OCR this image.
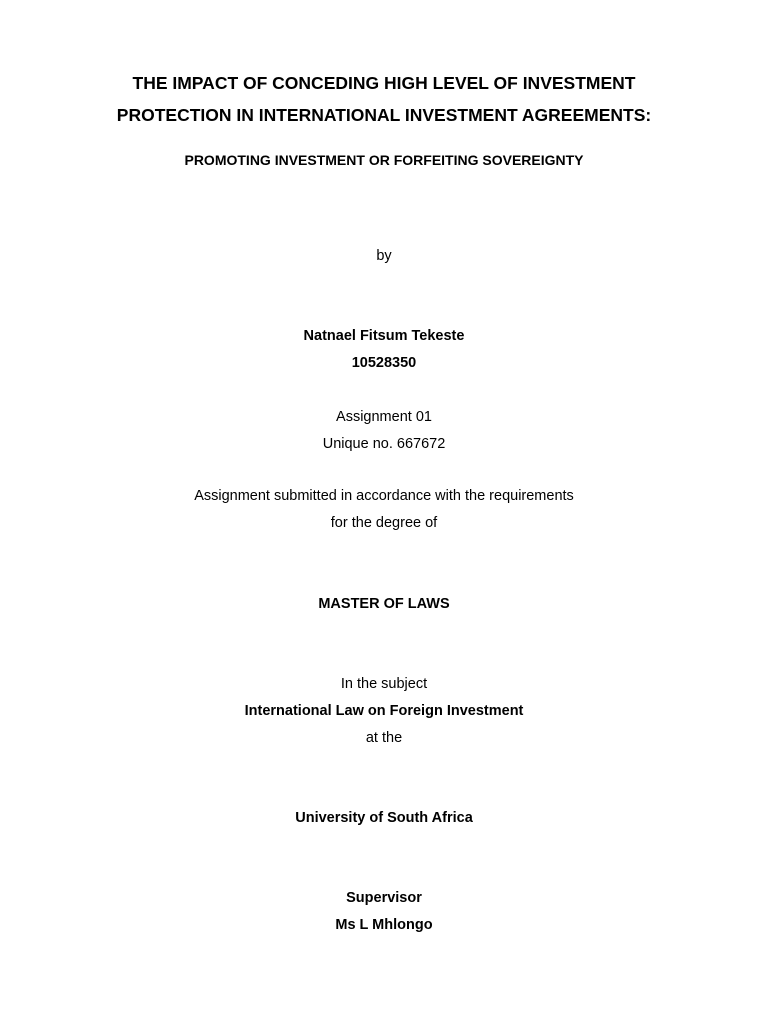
THE IMPACT OF CONCEDING HIGH LEVEL OF INVESTMENT
PROTECTION IN INTERNATIONAL INVESTMENT AGREEMENTS:
PROMOTING INVESTMENT OR FORFEITING SOVEREIGNTY
by
Natnael Fitsum Tekeste
10528350
Assignment 01
Unique no. 667672
Assignment submitted in accordance with the requirements
for the degree of
MASTER OF LAWS
In the subject
International Law on Foreign Investment
at the
University of South Africa
Supervisor
Ms L Mhlongo
